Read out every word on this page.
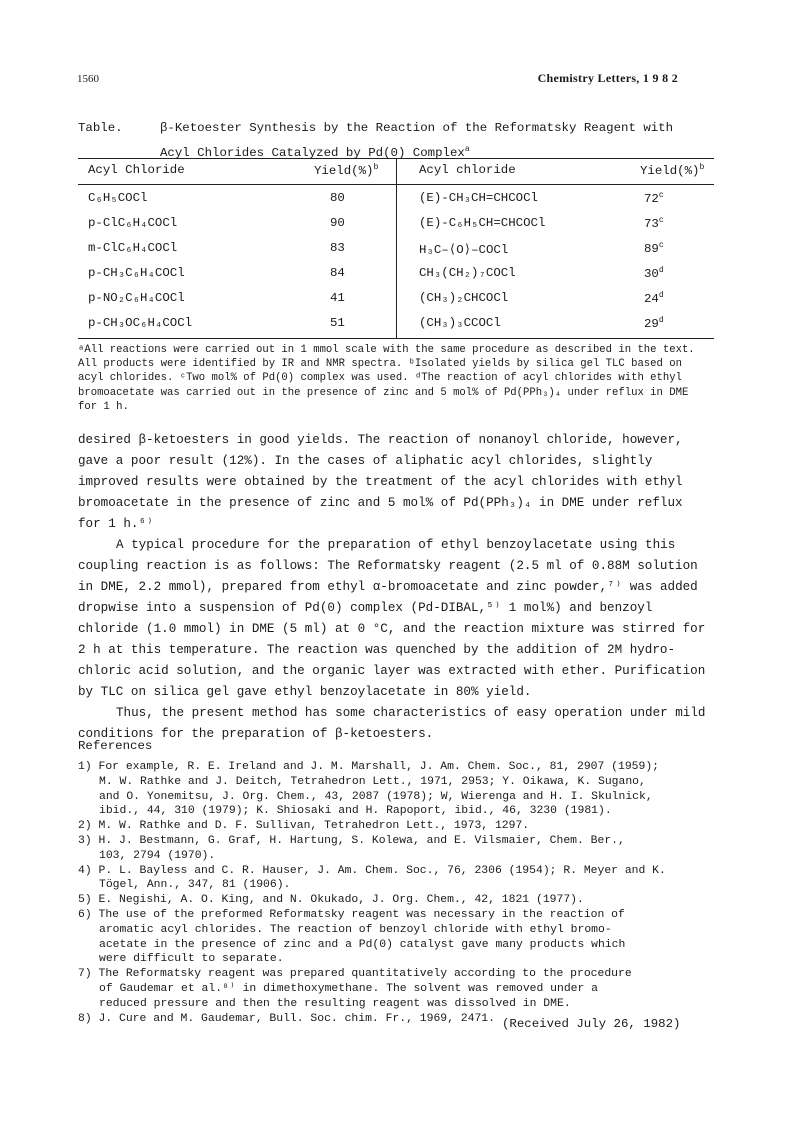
1560	Chemistry Letters, 1 9 8 2
Table.	β-Ketoester Synthesis by the Reaction of the Reformatsky Reagent with
Acyl Chlorides Catalyzed by Pd(0) Complex$^a$
Acyl Chloride	Yield(%)$^b$	Acyl chloride	Yield(%)$^b$
C₆H₅COCl	80	(E)-CH₃CH=CHCOCl	72$^c$
p-ClC₆H₄COCl	90	(E)-C₆H₅CH=CHCOCl	73$^c$
m-ClC₆H₄COCl	83	H₃C–⟨O⟩–COCl	89$^c$
p-CH₃C₆H₄COCl	84	CH₃(CH₂)₇COCl	30$^d$
p-NO₂C₆H₄COCl	41	(CH₃)₂CHCOCl	24$^d$
p-CH₃OC₆H₄COCl	51	(CH₃)₃CCOCl	29$^d$
ᵃAll reactions were carried out in 1 mmol scale with the same procedure as described in the text.
All products were identified by IR and NMR spectra. ᵇIsolated yields by silica gel TLC based on
acyl chlorides. ᶜTwo mol% of Pd(0) complex was used. ᵈThe reaction of acyl chlorides with ethyl
bromoacetate was carried out in the presence of zinc and 5 mol% of Pd(PPh₃)₄ under reflux in DME
for 1 h.
desired β-ketoesters in good yields. The reaction of nonanoyl chloride, however,
gave a poor result (12%). In the cases of aliphatic acyl chlorides, slightly
improved results were obtained by the treatment of the acyl chlorides with ethyl
bromoacetate in the presence of zinc and 5 mol% of Pd(PPh₃)₄ in DME under reflux
for 1 h.⁶⁾
A typical procedure for the preparation of ethyl benzoylacetate using this
coupling reaction is as follows: The Reformatsky reagent (2.5 ml of 0.88M solution
in DME, 2.2 mmol), prepared from ethyl α-bromoacetate and zinc powder,⁷⁾ was added
dropwise into a suspension of Pd(0) complex (Pd-DIBAL,⁵⁾ 1 mol%) and benzoyl
chloride (1.0 mmol) in DME (5 ml) at 0 °C, and the reaction mixture was stirred for
2 h at this temperature. The reaction was quenched by the addition of 2M hydro-
chloric acid solution, and the organic layer was extracted with ether. Purification
by TLC on silica gel gave ethyl benzoylacetate in 80% yield.
Thus, the present method has some characteristics of easy operation under mild
conditions for the preparation of β-ketoesters.
References
1) For example, R. E. Ireland and J. M. Marshall, J. Am. Chem. Soc., 81, 2907 (1959);
M. W. Rathke and J. Deitch, Tetrahedron Lett., 1971, 2953; Y. Oikawa, K. Sugano,
and O. Yonemitsu, J. Org. Chem., 43, 2087 (1978); W, Wierenga and H. I. Skulnick,
ibid., 44, 310 (1979); K. Shiosaki and H. Rapoport, ibid., 46, 3230 (1981).
2) M. W. Rathke and D. F. Sullivan, Tetrahedron Lett., 1973, 1297.
3) H. J. Bestmann, G. Graf, H. Hartung, S. Kolewa, and E. Vilsmaier, Chem. Ber.,
103, 2794 (1970).
4) P. L. Bayless and C. R. Hauser, J. Am. Chem. Soc., 76, 2306 (1954); R. Meyer and K.
Tögel, Ann., 347, 81 (1906).
5) E. Negishi, A. O. King, and N. Okukado, J. Org. Chem., 42, 1821 (1977).
6) The use of the preformed Reformatsky reagent was necessary in the reaction of
aromatic acyl chlorides. The reaction of benzoyl chloride with ethyl bromo-
acetate in the presence of zinc and a Pd(0) catalyst gave many products which
were difficult to separate.
7) The Reformatsky reagent was prepared quantitatively according to the procedure
of Gaudemar et al.⁸⁾ in dimethoxymethane. The solvent was removed under a
reduced pressure and then the resulting reagent was dissolved in DME.
8) J. Cure and M. Gaudemar, Bull. Soc. chim. Fr., 1969, 2471. (Received July 26, 1982)
